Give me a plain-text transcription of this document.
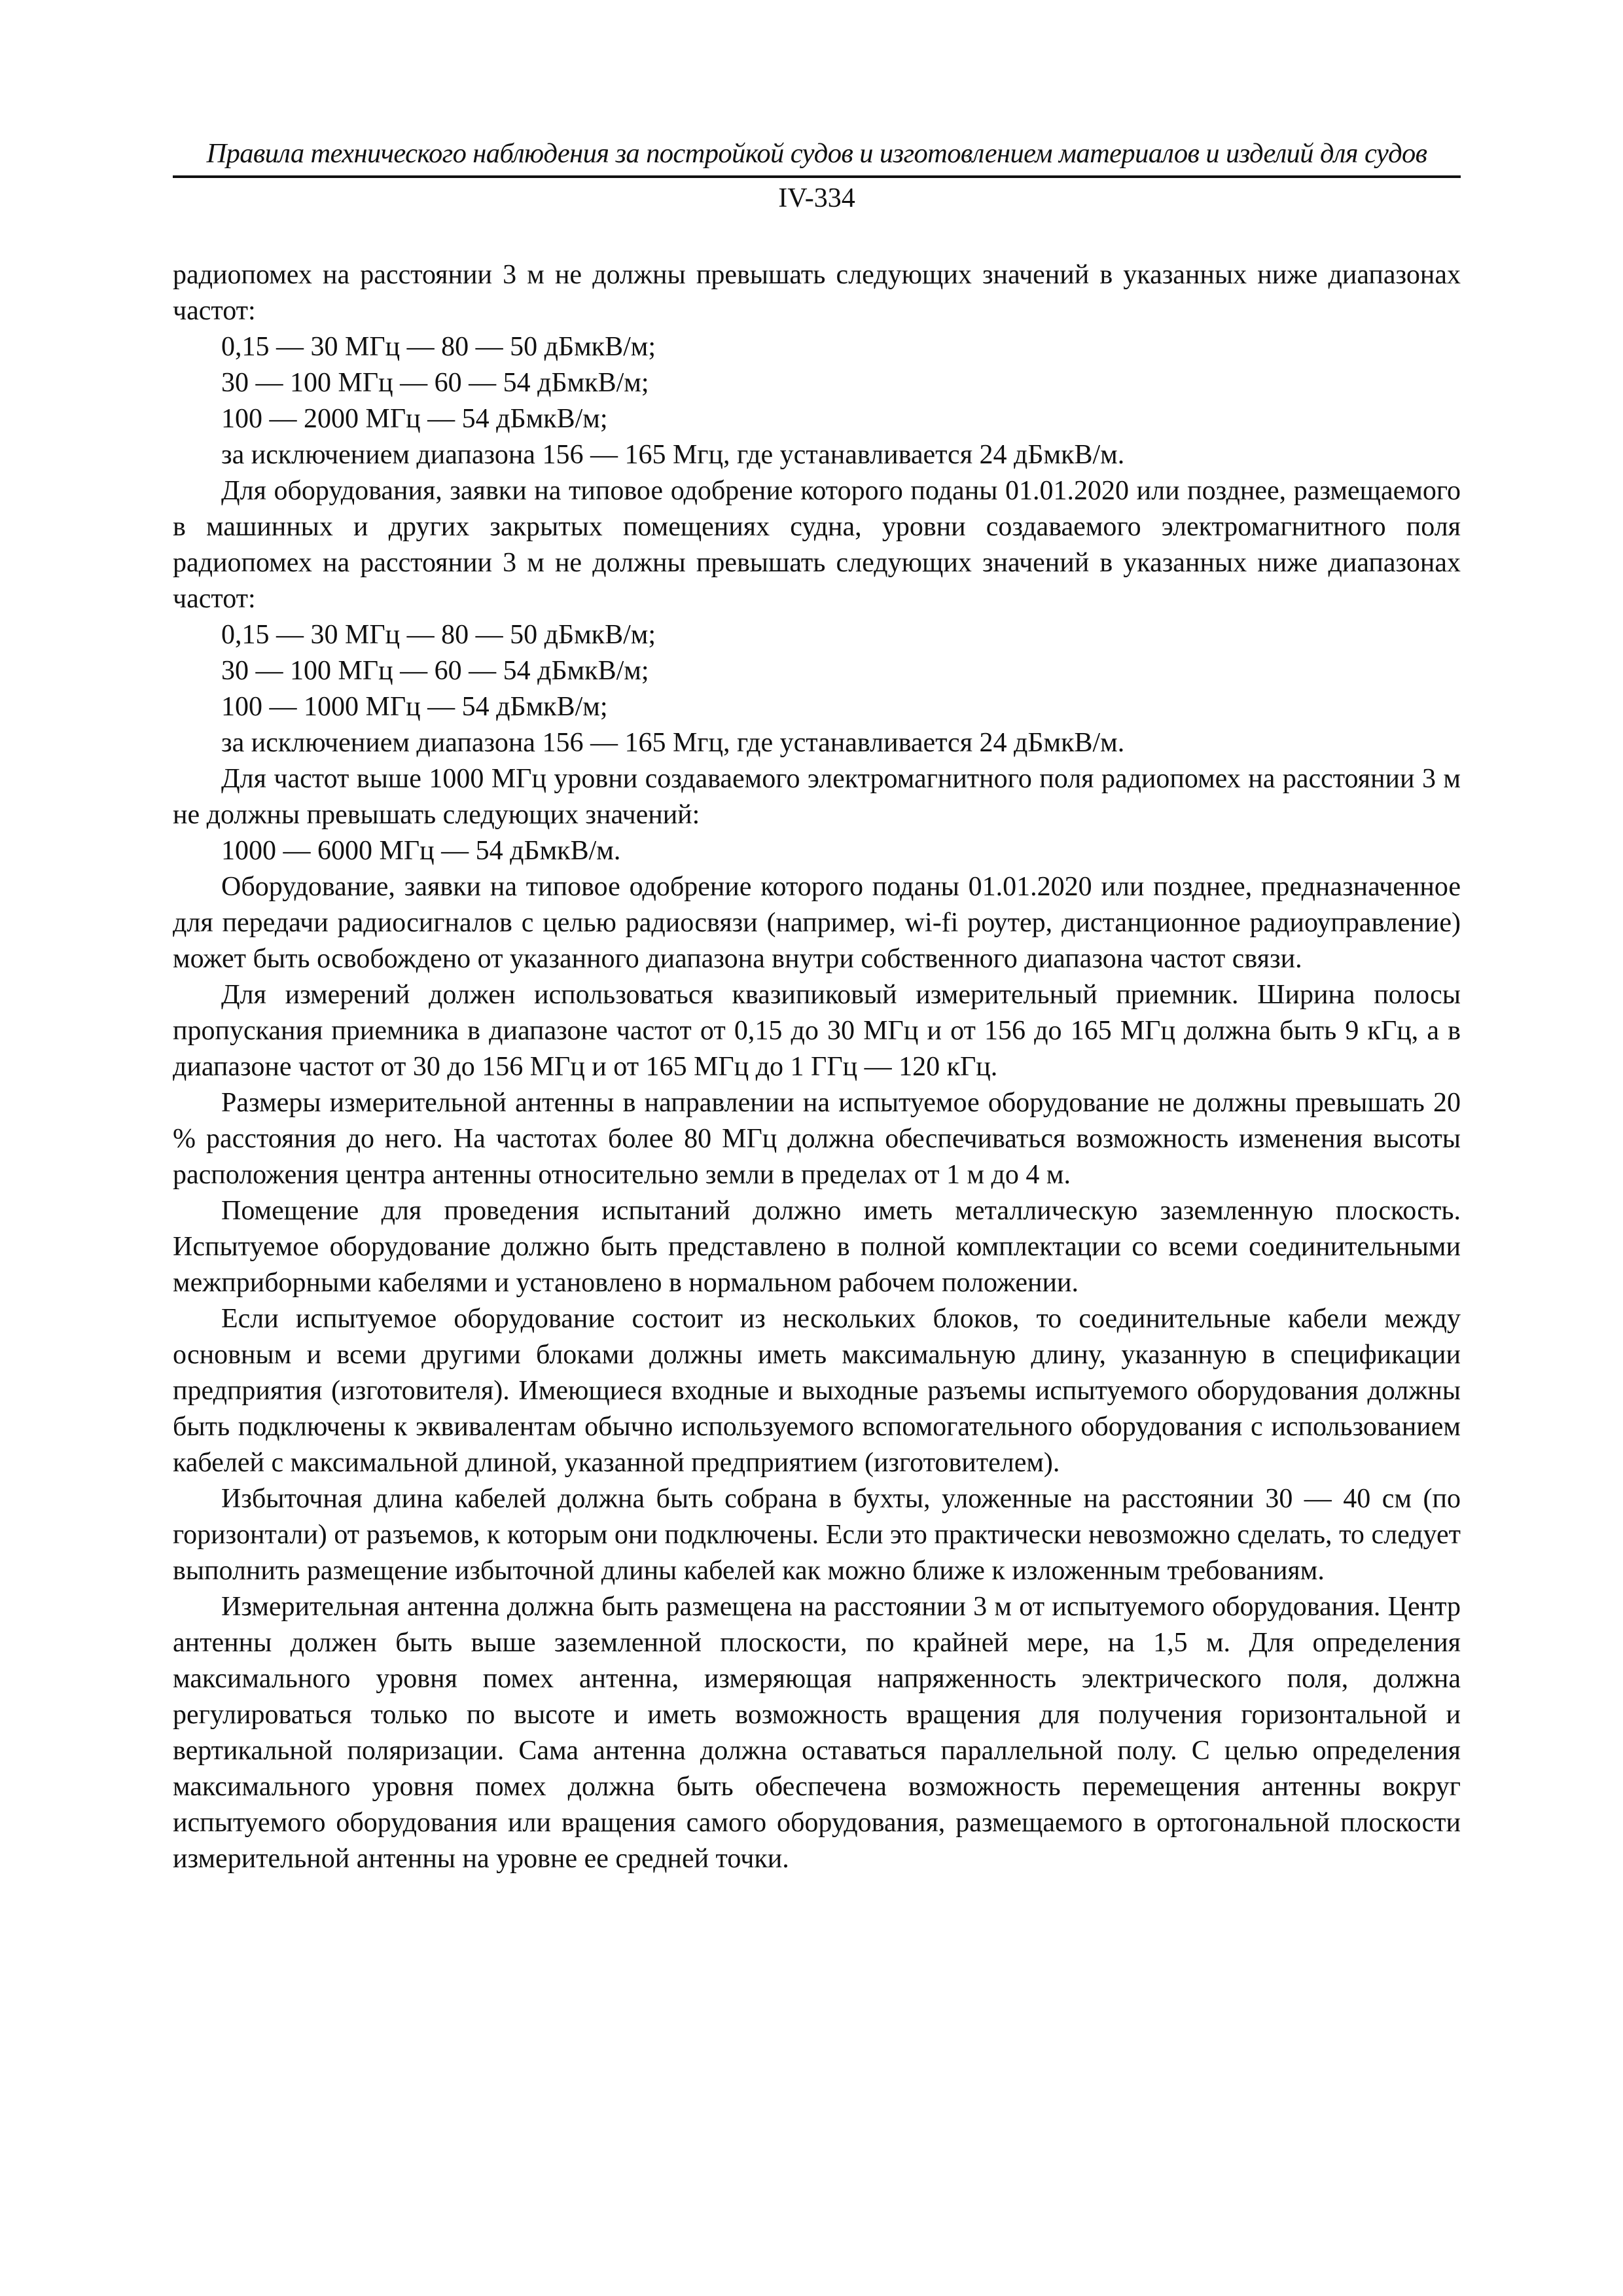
Правила технического наблюдения за постройкой судов и изготовлением материалов и изделий для судов
IV-334

радиопомех на расстоянии 3 м не должны превышать следующих значений в указанных ниже диапазонах частот:

0,15 — 30 МГц — 80 — 50 дБмкВ/м;

30 — 100 МГц — 60 — 54 дБмкВ/м;

100 — 2000 МГц — 54 дБмкВ/м;

за исключением диапазона 156 — 165 Мгц, где устанавливается 24 дБмкВ/м.

Для оборудования, заявки на типовое одобрение которого поданы 01.01.2020 или позднее, размещаемого в машинных и других закрытых помещениях судна, уровни создаваемого электромагнитного поля радиопомех на расстоянии 3 м не должны превышать следующих значений в указанных ниже диапазонах частот:

0,15 — 30 МГц — 80 — 50 дБмкВ/м;

30 — 100 МГц — 60 — 54 дБмкВ/м;

100 — 1000 МГц — 54 дБмкВ/м;

за исключением диапазона 156 — 165 Мгц, где устанавливается 24 дБмкВ/м.

Для частот выше 1000 МГц уровни создаваемого электромагнитного поля радиопомех на расстоянии 3 м не должны превышать следующих значений:

1000 — 6000 МГц — 54 дБмкВ/м.

Оборудование, заявки на типовое одобрение которого поданы 01.01.2020 или позднее, предназначенное для передачи радиосигналов с целью радиосвязи (например, wi-fi роутер, дистанционное радиоуправление) может быть освобождено от указанного диапазона внутри собственного диапазона частот связи.

Для измерений должен использоваться квазипиковый измерительный приемник. Ширина полосы пропускания приемника в диапазоне частот от 0,15 до 30 МГц и от 156 до 165 МГц должна быть 9 кГц, а в диапазоне частот от 30 до 156 МГц и от 165 МГц до 1 ГГц — 120 кГц.

Размеры измерительной антенны в направлении на испытуемое оборудование не должны превышать 20 % расстояния до него. На частотах более 80 МГц должна обеспечиваться возможность изменения высоты расположения центра антенны относительно земли в пределах от 1 м до 4 м.

Помещение для проведения испытаний должно иметь металлическую заземленную плоскость. Испытуемое оборудование должно быть представлено в полной комплектации со всеми соединительными межприборными кабелями и установлено в нормальном рабочем положении.

Если испытуемое оборудование состоит из нескольких блоков, то соединительные кабели между основным и всеми другими блоками должны иметь максимальную длину, указанную в спецификации предприятия (изготовителя). Имеющиеся входные и выходные разъемы испытуемого оборудования должны быть подключены к эквивалентам обычно используемого вспомогательного оборудования с использованием кабелей с максимальной длиной, указанной предприятием (изготовителем).

Избыточная длина кабелей должна быть собрана в бухты, уложенные на расстоянии 30 — 40 см (по горизонтали) от разъемов, к которым они подключены. Если это практически невозможно сделать, то следует выполнить размещение избыточной длины кабелей как можно ближе к изложенным требованиям.

Измерительная антенна должна быть размещена на расстоянии 3 м от испытуемого оборудования. Центр антенны должен быть выше заземленной плоскости, по крайней мере, на 1,5 м. Для определения максимального уровня помех антенна, измеряющая напряженность электрического поля, должна регулироваться только по высоте и иметь возможность вращения для получения горизонтальной и вертикальной поляризации. Сама антенна должна оставаться параллельной полу. С целью определения максимального уровня помех должна быть обеспечена возможность перемещения антенны вокруг испытуемого оборудования или вращения самого оборудования, размещаемого в ортогональной плоскости измерительной антенны на уровне ее средней точки.
